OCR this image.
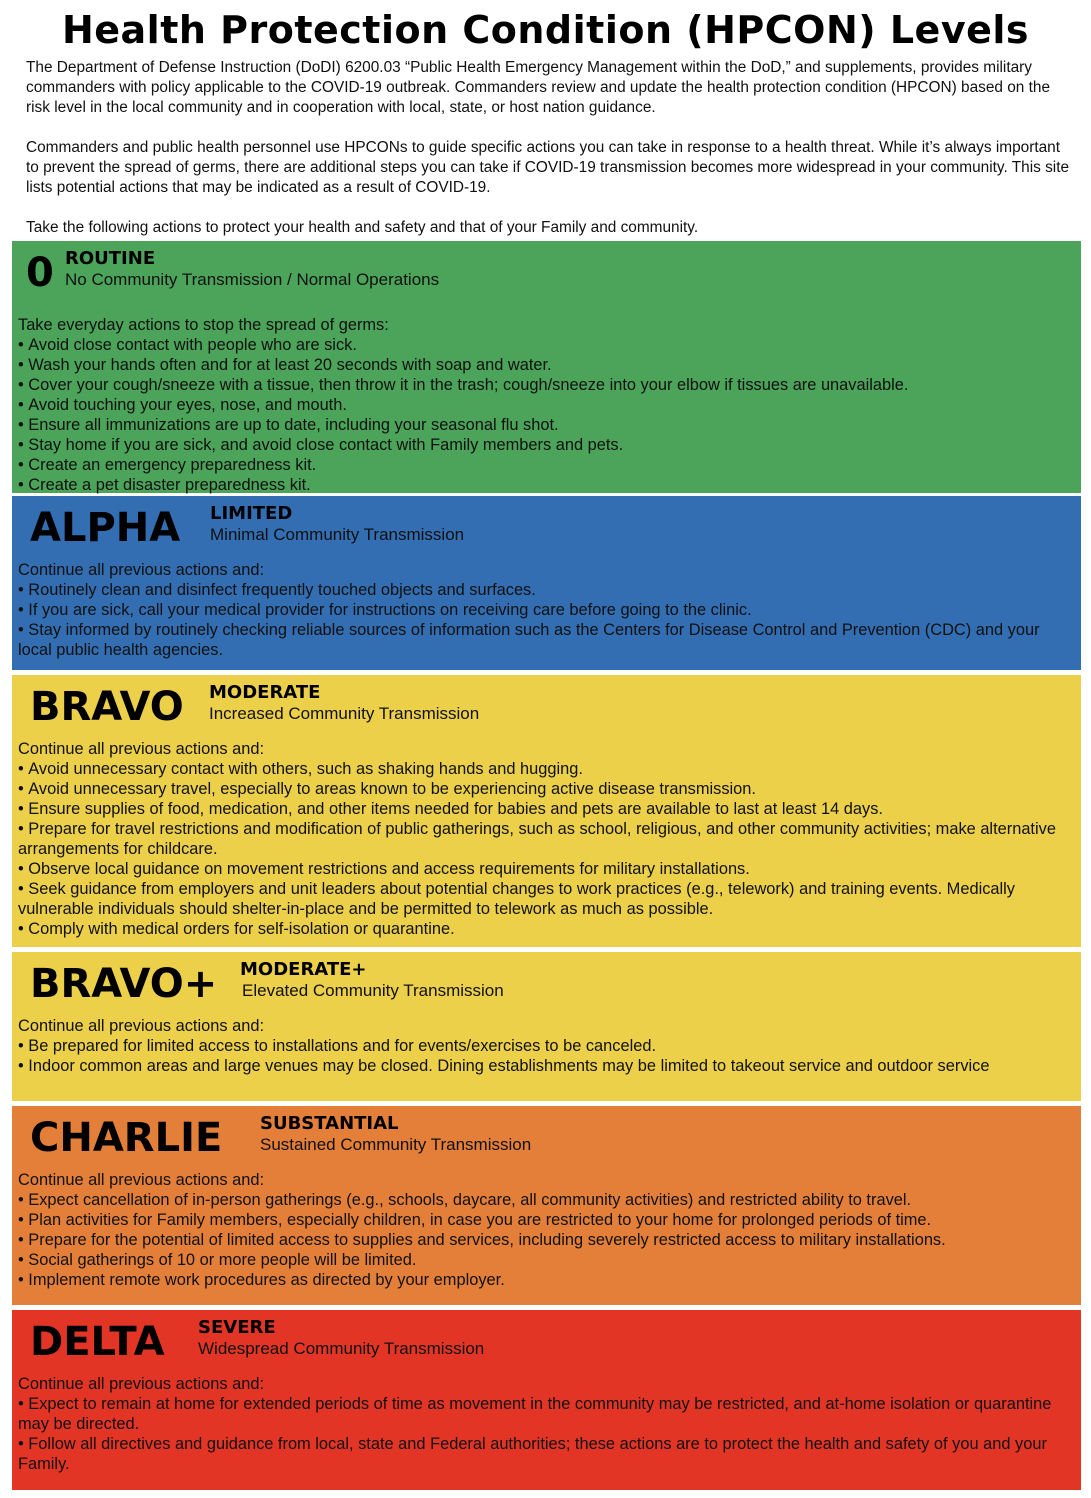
Health Protection Condition (HPCON) Levels

The Department of Defense Instruction (DoDI) 6200.03 “Public Health Emergency Management within the DoD,” and supplements, provides military commanders with policy applicable to the COVID-19 outbreak. Commanders review and update the health protection condition (HPCON) based on the risk level in the local community and in cooperation with local, state, or host nation guidance.

Commanders and public health personnel use HPCONs to guide specific actions you can take in response to a health threat. While it’s always important to prevent the spread of germs, there are additional steps you can take if COVID-19 transmission becomes more widespread in your community. This site lists potential actions that may be indicated as a result of COVID-19.

Take the following actions to protect your health and safety and that of your Family and community.

0 ROUTINE
No Community Transmission / Normal Operations
Take everyday actions to stop the spread of germs:
• Avoid close contact with people who are sick.
• Wash your hands often and for at least 20 seconds with soap and water.
• Cover your cough/sneeze with a tissue, then throw it in the trash; cough/sneeze into your elbow if tissues are unavailable.
• Avoid touching your eyes, nose, and mouth.
• Ensure all immunizations are up to date, including your seasonal flu shot.
• Stay home if you are sick, and avoid close contact with Family members and pets.
• Create an emergency preparedness kit.
• Create a pet disaster preparedness kit.
ALPHA LIMITED
Minimal Community Transmission
Continue all previous actions and:
• Routinely clean and disinfect frequently touched objects and surfaces.
• If you are sick, call your medical provider for instructions on receiving care before going to the clinic.
• Stay informed by routinely checking reliable sources of information such as the Centers for Disease Control and Prevention (CDC) and your local public health agencies.
BRAVO MODERATE
Increased Community Transmission
Continue all previous actions and:
• Avoid unnecessary contact with others, such as shaking hands and hugging.
• Avoid unnecessary travel, especially to areas known to be experiencing active disease transmission.
• Ensure supplies of food, medication, and other items needed for babies and pets are available to last at least 14 days.
• Prepare for travel restrictions and modification of public gatherings, such as school, religious, and other community activities; make alternative arrangements for childcare.
• Observe local guidance on movement restrictions and access requirements for military installations.
• Seek guidance from employers and unit leaders about potential changes to work practices (e.g., telework) and training events. Medically vulnerable individuals should shelter-in-place and be permitted to telework as much as possible.
• Comply with medical orders for self-isolation or quarantine.
BRAVO+ MODERATE+
Elevated Community Transmission
Continue all previous actions and:
• Be prepared for limited access to installations and for events/exercises to be canceled.
• Indoor common areas and large venues may be closed. Dining establishments may be limited to takeout service and outdoor service
CHARLIE SUBSTANTIAL
Sustained Community Transmission
Continue all previous actions and:
• Expect cancellation of in-person gatherings (e.g., schools, daycare, all community activities) and restricted ability to travel.
• Plan activities for Family members, especially children, in case you are restricted to your home for prolonged periods of time.
• Prepare for the potential of limited access to supplies and services, including severely restricted access to military installations.
• Social gatherings of 10 or more people will be limited.
• Implement remote work procedures as directed by your employer.
DELTA SEVERE
Widespread Community Transmission
Continue all previous actions and:
• Expect to remain at home for extended periods of time as movement in the community may be restricted, and at-home isolation or quarantine may be directed.
• Follow all directives and guidance from local, state and Federal authorities; these actions are to protect the health and safety of you and your Family.
